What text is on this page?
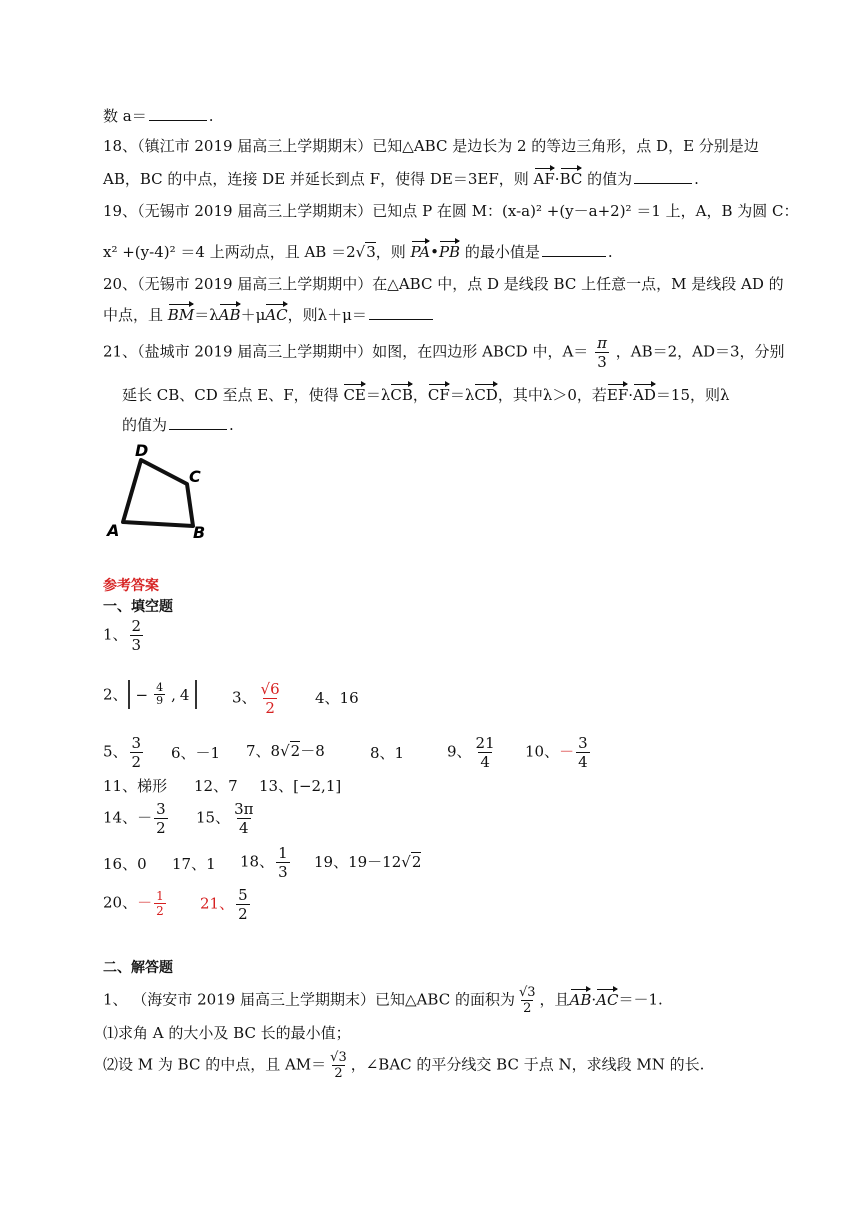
数 a＝	.
18、（镇江市 2019 届高三上学期期末）已知△ABC 是边长为 2 的等边三角形，点 D，E 分别是边
AB，BC 的中点，连接 DE 并延长到点 F，使得 DE＝3EF，则 AF·BC 的值为	.
19、（无锡市 2019 届高三上学期期末）已知点 P 在圆 M：(x-a)² +(y－a+2)² ＝1 上，A，B 为圆 C：
x² +(y-4)² ＝4 上两动点，且 AB ＝2√3，则 PA•PB 的最小值是	.
20、（无锡市 2019 届高三上学期期中）在△ABC 中，点 D 是线段 BC 上任意一点，M 是线段 AD 的
中点，且 BM＝λAB＋μAC，则λ＋μ＝
21、（盐城市 2019 届高三上学期期中）如图，在四边形 ABCD 中，$A= \frac{\pi}{3}$ ，AB＝2，AD＝3，分别
延长 CB、CD 至点 E、F，使得 CE＝λCB，CF＝λCD，其中λ＞0，若EF·AD＝15，则λ
的值为	.
D
C
A	B
参考答案
一、填空题
1、 $\frac{2}{3}$
2、 − $\frac{4}{9}$ , 4	3、 $\frac{√6}{2} 4$、16
5、 $\frac{3}{2} 6$、－1 7、8√2－8	8、1	9、 $\frac{21}{4} 10$、－ $\frac{3}{4}$
11、梯形 12、7 13、[−2,1]
14、－ $\frac{3}{2} 15$、 $\frac{3\pi}{4}$
16、0 17、1 18、 $\frac{1}{3} 19$、19－12√2
20、－ $\frac{1}{2} 21$、 $\frac{5}{2}$
二、解答题
1、 （海安市 2019 届高三上学期期末）已知△ABC 的面积为 $\frac{√3}{2}$ ，且AB·AC＝－1.
⑴求角 A 的大小及 BC 长的最小值；
⑵设 M 为 BC 的中点，且 $AM= \frac{√3}{2}$ ，∠BAC 的平分线交 BC 于点 N，求线段 MN 的长.
